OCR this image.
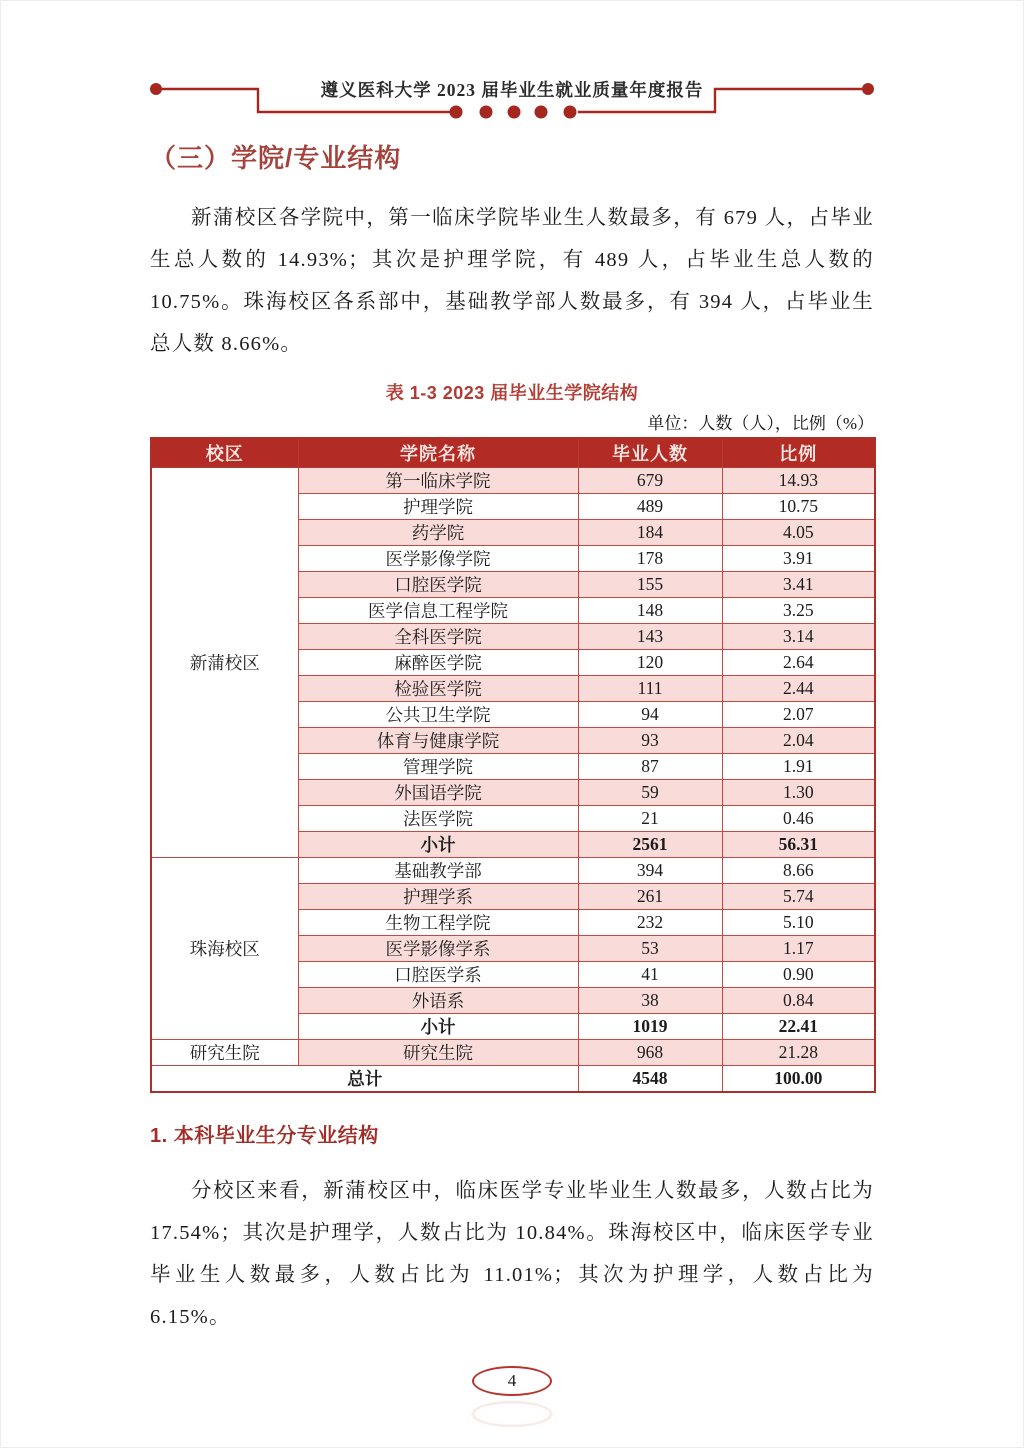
遵义医科大学 2023 届毕业生就业质量年度报告
（三）学院/专业结构
新蒲校区各学院中，第一临床学院毕业生人数最多，有 679 人，占毕业生总人数的 14.93%；其次是护理学院，有 489 人，占毕业生总人数的 10.75%。珠海校区各系部中，基础教学部人数最多，有 394 人，占毕业生总人数 8.66%。
表 1-3 2023 届毕业生学院结构
单位：人数（人），比例（%）
校区	学院名称	毕业人数	比例
新蒲校区	第一临床学院	679	14.93
	护理学院	489	10.75
	药学院	184	4.05
	医学影像学院	178	3.91
	口腔医学院	155	3.41
	医学信息工程学院	148	3.25
	全科医学院	143	3.14
	麻醉医学院	120	2.64
	检验医学院	111	2.44
	公共卫生学院	94	2.07
	体育与健康学院	93	2.04
	管理学院	87	1.91
	外国语学院	59	1.30
	法医学院	21	0.46
	小计	2561	56.31
珠海校区	基础教学部	394	8.66
	护理学系	261	5.74
	生物工程学院	232	5.10
	医学影像学系	53	1.17
	口腔医学系	41	0.90
	外语系	38	0.84
	小计	1019	22.41
研究生院	研究生院	968	21.28
总计		4548	100.00
1. 本科毕业生分专业结构
分校区来看，新蒲校区中，临床医学专业毕业生人数最多，人数占比为 17.54%；其次是护理学，人数占比为 10.84%。珠海校区中，临床医学专业毕业生人数最多，人数占比为 11.01%；其次为护理学，人数占比为 6.15%。
4
